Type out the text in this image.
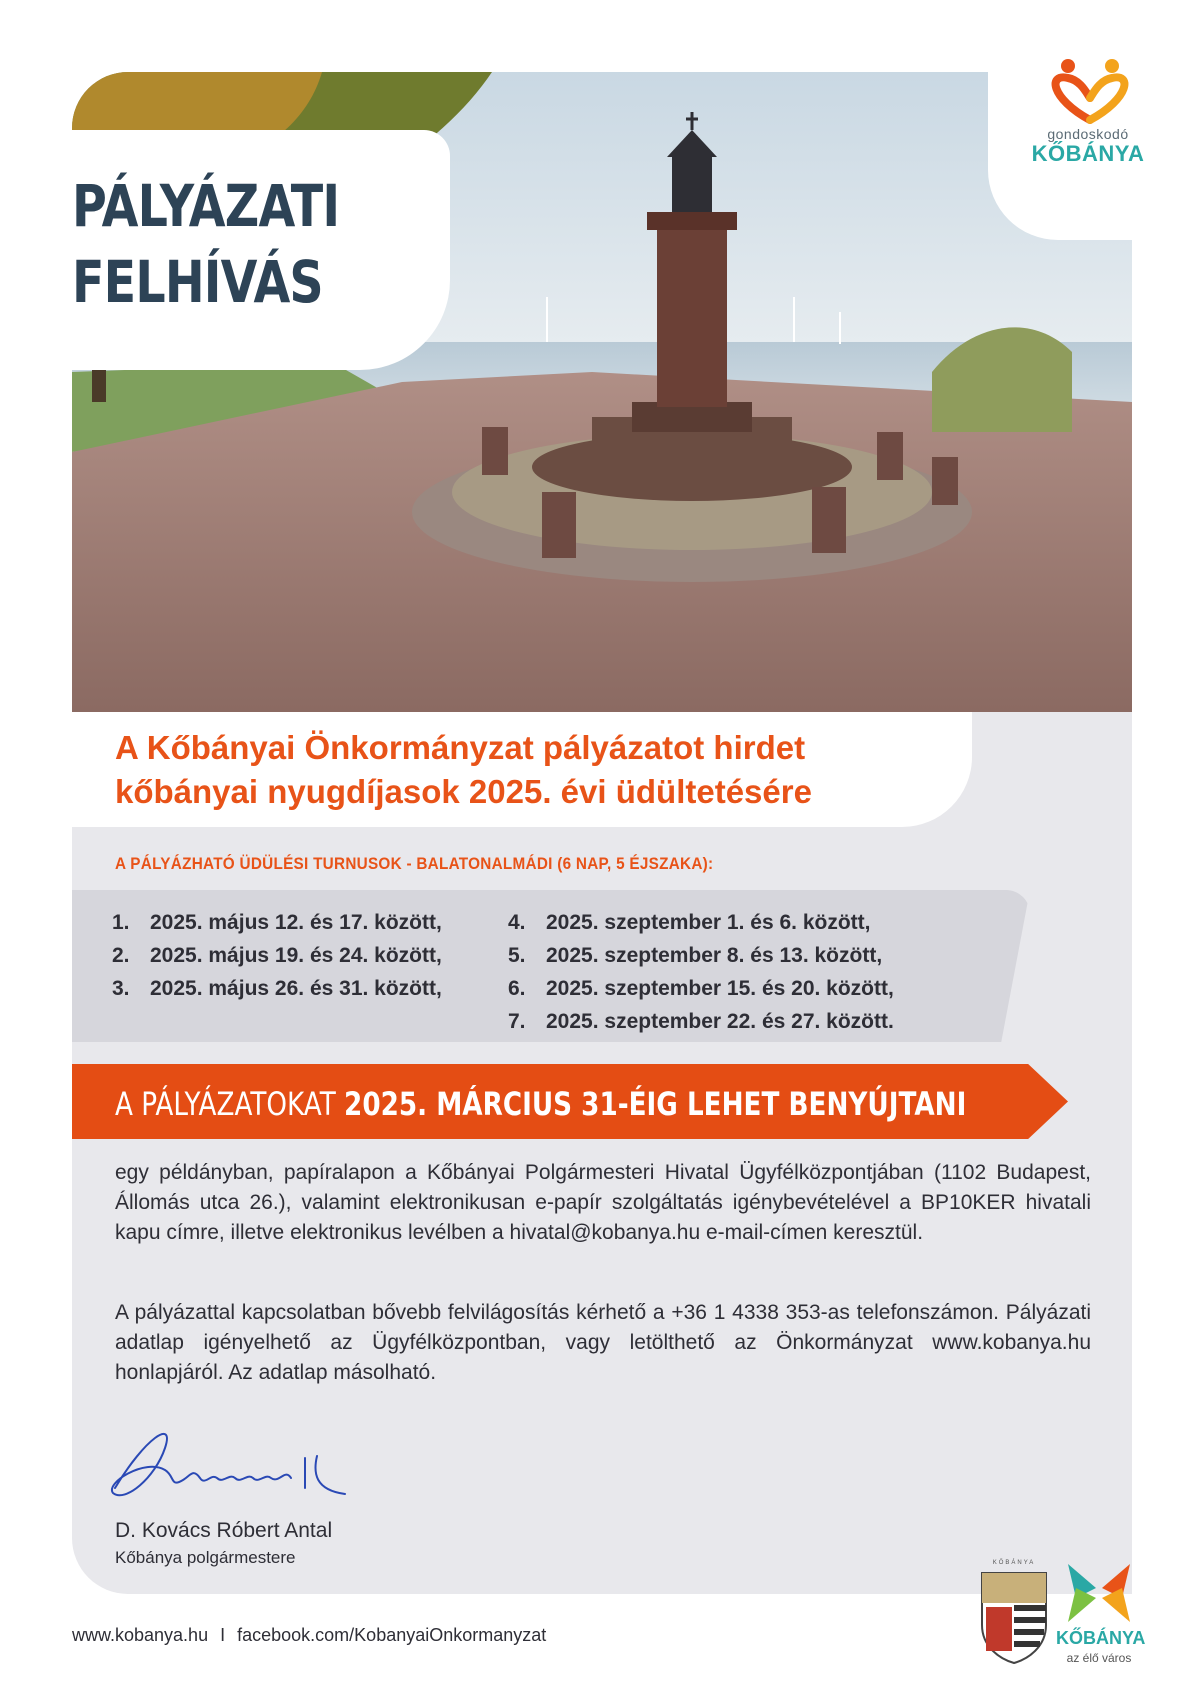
gondoskodó
KŐBÁNYA
PÁLYÁZATI
FELHÍVÁS
A Kőbányai Önkormányzat pályázatot hirdet
kőbányai nyugdíjasok 2025. évi üdültetésére
A PÁLYÁZHATÓ ÜDÜLÉSI TURNUSOK - BALATONALMÁDI (6 NAP, 5 ÉJSZAKA):
1. 2025. május 12. és 17. között,
2. 2025. május 19. és 24. között,
3. 2025. május 26. és 31. között,
4. 2025. szeptember 1. és 6. között,
5. 2025. szeptember 8. és 13. között,
6. 2025. szeptember 15. és 20. között,
7. 2025. szeptember 22. és 27. között.
A PÁLYÁZATOKAT 2025. MÁRCIUS 31-ÉIG LEHET BENYÚJTANI

egy példányban, papíralapon a Kőbányai Polgármesteri Hivatal Ügyfélközpontjában (1102 Budapest, Állomás utca 26.), valamint elektronikusan e-papír szolgáltatás igénybevételével a BP10KER hivatali kapu címre, illetve elektronikus levélben a hivatal@kobanya.hu e-mail-címen keresztül.

A pályázattal kapcsolatban bővebb felvilágosítás kérhető a +36 1 4338 353-as telefonszámon. Pályázati adatlap igényelhető az Ügyfélközpontban, vagy letölthető az Önkormányzat www.kobanya.hu honlapjáról. Az adatlap másolható.

D. Kovács Róbert Antal
Kőbánya polgármestere
www.kobanya.hu I facebook.com/KobanyaiOnkormanyzat
KŐBÁNYA
KŐBÁNYA
az élő város
